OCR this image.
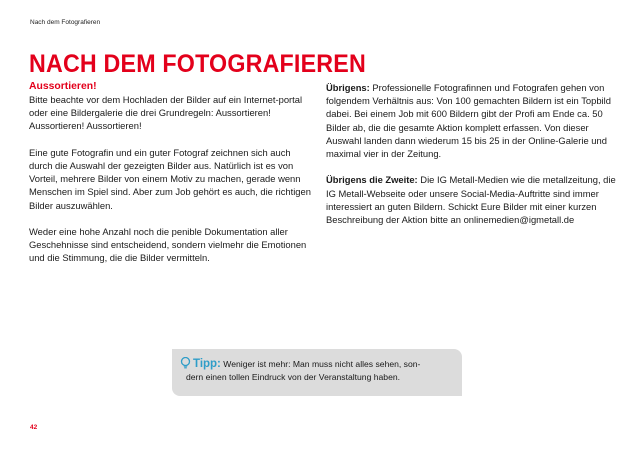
Nach dem Fotografieren
NACH DEM FOTOGRAFIEREN
Aussortieren!

Bitte beachte vor dem Hochladen der Bilder auf ein Internet-portal oder eine Bildergalerie die drei Grundregeln: Aussortieren! Aussortieren! Aussortieren!

Eine gute Fotografin und ein guter Fotograf zeichnen sich auch durch die Auswahl der gezeigten Bilder aus. Natürlich ist es von Vorteil, mehrere Bilder von einem Motiv zu machen, gerade wenn Menschen im Spiel sind. Aber zum Job gehört es auch, die richtigen Bilder auszuwählen.

Weder eine hohe Anzahl noch die penible Dokumentation aller Geschehnisse sind entscheidend, sondern vielmehr die Emotionen und die Stimmung, die die Bilder vermitteln.

Übrigens: Professionelle Fotografinnen und Fotografen gehen von folgendem Verhältnis aus: Von 100 gemachten Bildern ist ein Topbild dabei. Bei einem Job mit 600 Bildern gibt der Profi am Ende ca. 50 Bilder ab, die die gesamte Aktion komplett erfassen. Von dieser Auswahl landen dann wiederum 15 bis 25 in der Online-Galerie und maximal vier in der Zeitung.

Übrigens die Zweite: Die IG Metall-Medien wie die metallzeitung, die IG Metall-Webseite oder unsere Social-Media-Auftritte sind immer interessiert an guten Bildern. Schickt Eure Bilder mit einer kurzen Beschreibung der Aktion bitte an onlinemedien@igmetall.de

Tipp: Weniger ist mehr: Man muss nicht alles sehen, son-
dern einen tollen Eindruck von der Veranstaltung haben.
42
